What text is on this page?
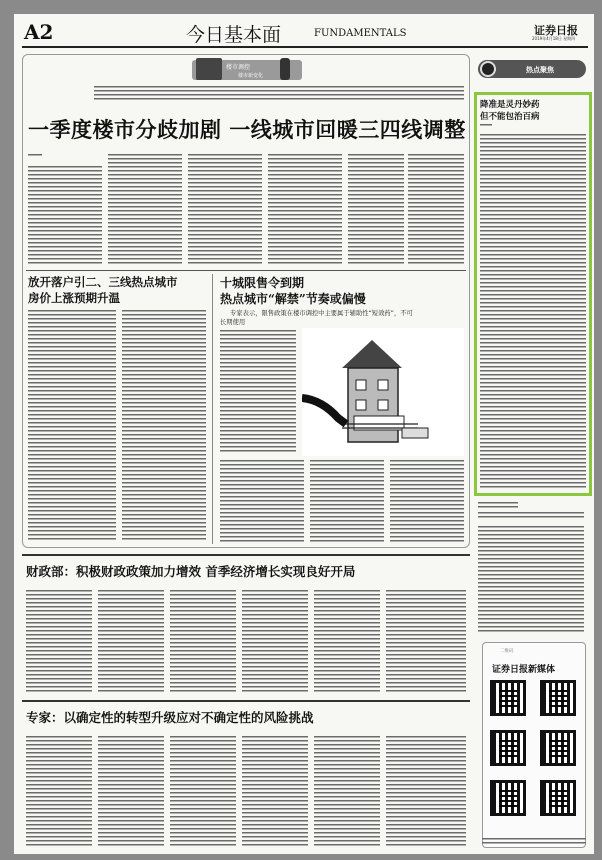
A2	今日基本面	FUNDAMENTALS	证券日报
2019年4月18日 星期四
楼市调控
楼市新变化
一季度楼市分歧加剧 一线城市回暖三四线调整
放开落户引二、三线热点城市
房价上涨预期升温
十城限售令到期
热点城市“解禁”节奏或偏慢
专家表示，限售政策在楼市调控中主要属于辅助性“短效药”，不可
长期使用
财政部：积极财政政策加力增效 首季经济增长实现良好开局
专家：以确定性的转型升级应对不确定性的风险挑战
热点聚焦
降准是灵丹妙药
但不能包治百病
二维码
证券日报新媒体
